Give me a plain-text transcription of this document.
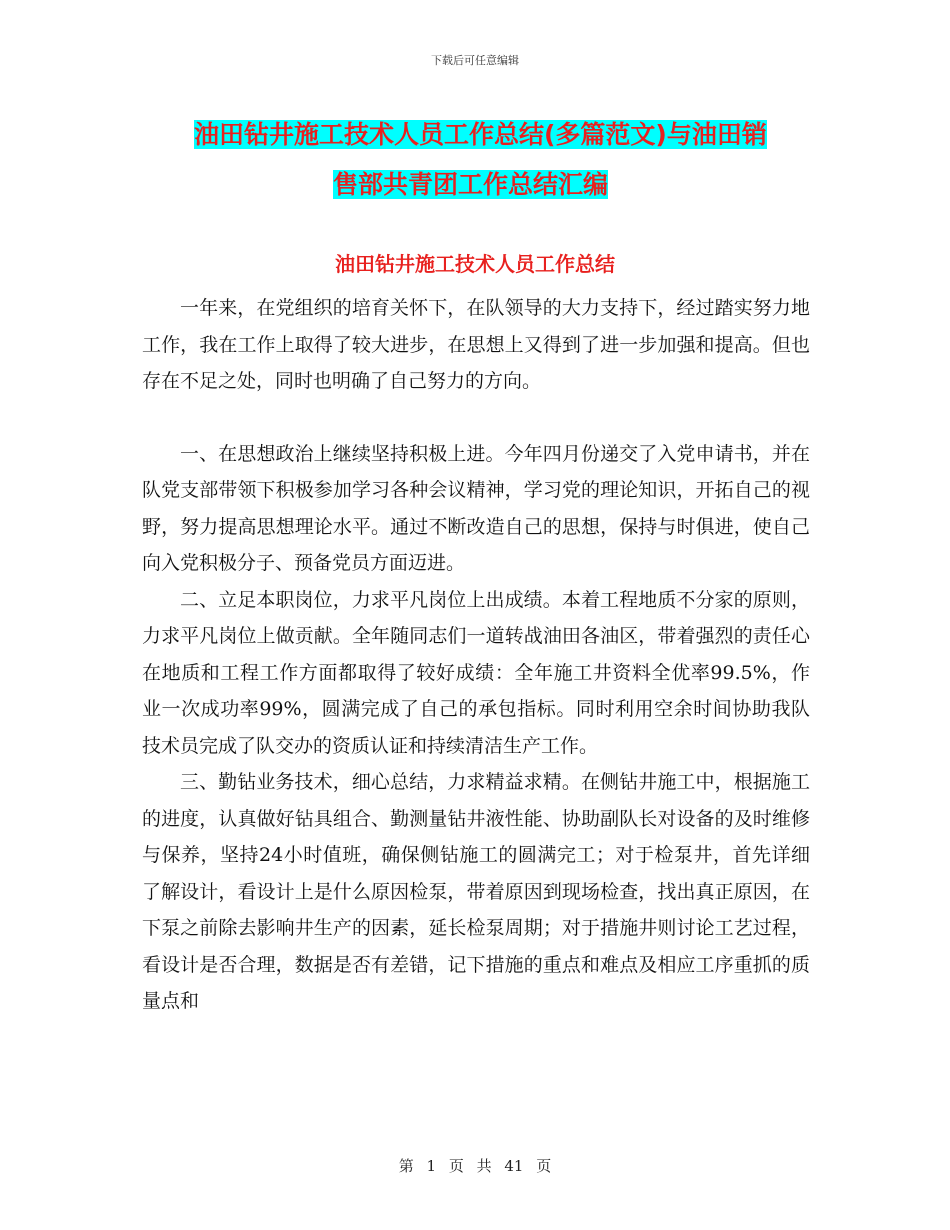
下载后可任意编辑
油田钻井施工技术人员工作总结(多篇范文)与油田销
售部共青团工作总结汇编
油田钻井施工技术人员工作总结

一年来，在党组织的培育关怀下，在队领导的大力支持下，经过踏实努力地工作，我在工作上取得了较大进步，在思想上又得到了进一步加强和提高。但也存在不足之处，同时也明确了自己努力的方向。

一、在思想政治上继续坚持积极上进。今年四月份递交了入党申请书，并在队党支部带领下积极参加学习各种会议精神，学习党的理论知识，开拓自己的视野，努力提高思想理论水平。通过不断改造自己的思想，保持与时俱进，使自己向入党积极分子、预备党员方面迈进。

二、立足本职岗位，力求平凡岗位上出成绩。本着工程地质不分家的原则，力求平凡岗位上做贡献。全年随同志们一道转战油田各油区，带着强烈的责任心在地质和工程工作方面都取得了较好成绩：全年施工井资料全优率99.5%，作业一次成功率99%，圆满完成了自己的承包指标。同时利用空余时间协助我队技术员完成了队交办的资质认证和持续清洁生产工作。

三、勤钻业务技术，细心总结，力求精益求精。在侧钻井施工中，根据施工的进度，认真做好钻具组合、勤测量钻井液性能、协助副队长对设备的及时维修与保养，坚持24小时值班，确保侧钻施工的圆满完工；对于检泵井，首先详细了解设计，看设计上是什么原因检泵，带着原因到现场检查，找出真正原因，在下泵之前除去影响井生产的因素，延长检泵周期；对于措施井则讨论工艺过程，看设计是否合理，数据是否有差错，记下措施的重点和难点及相应工序重抓的质量点和

第 1 页 共 41 页
